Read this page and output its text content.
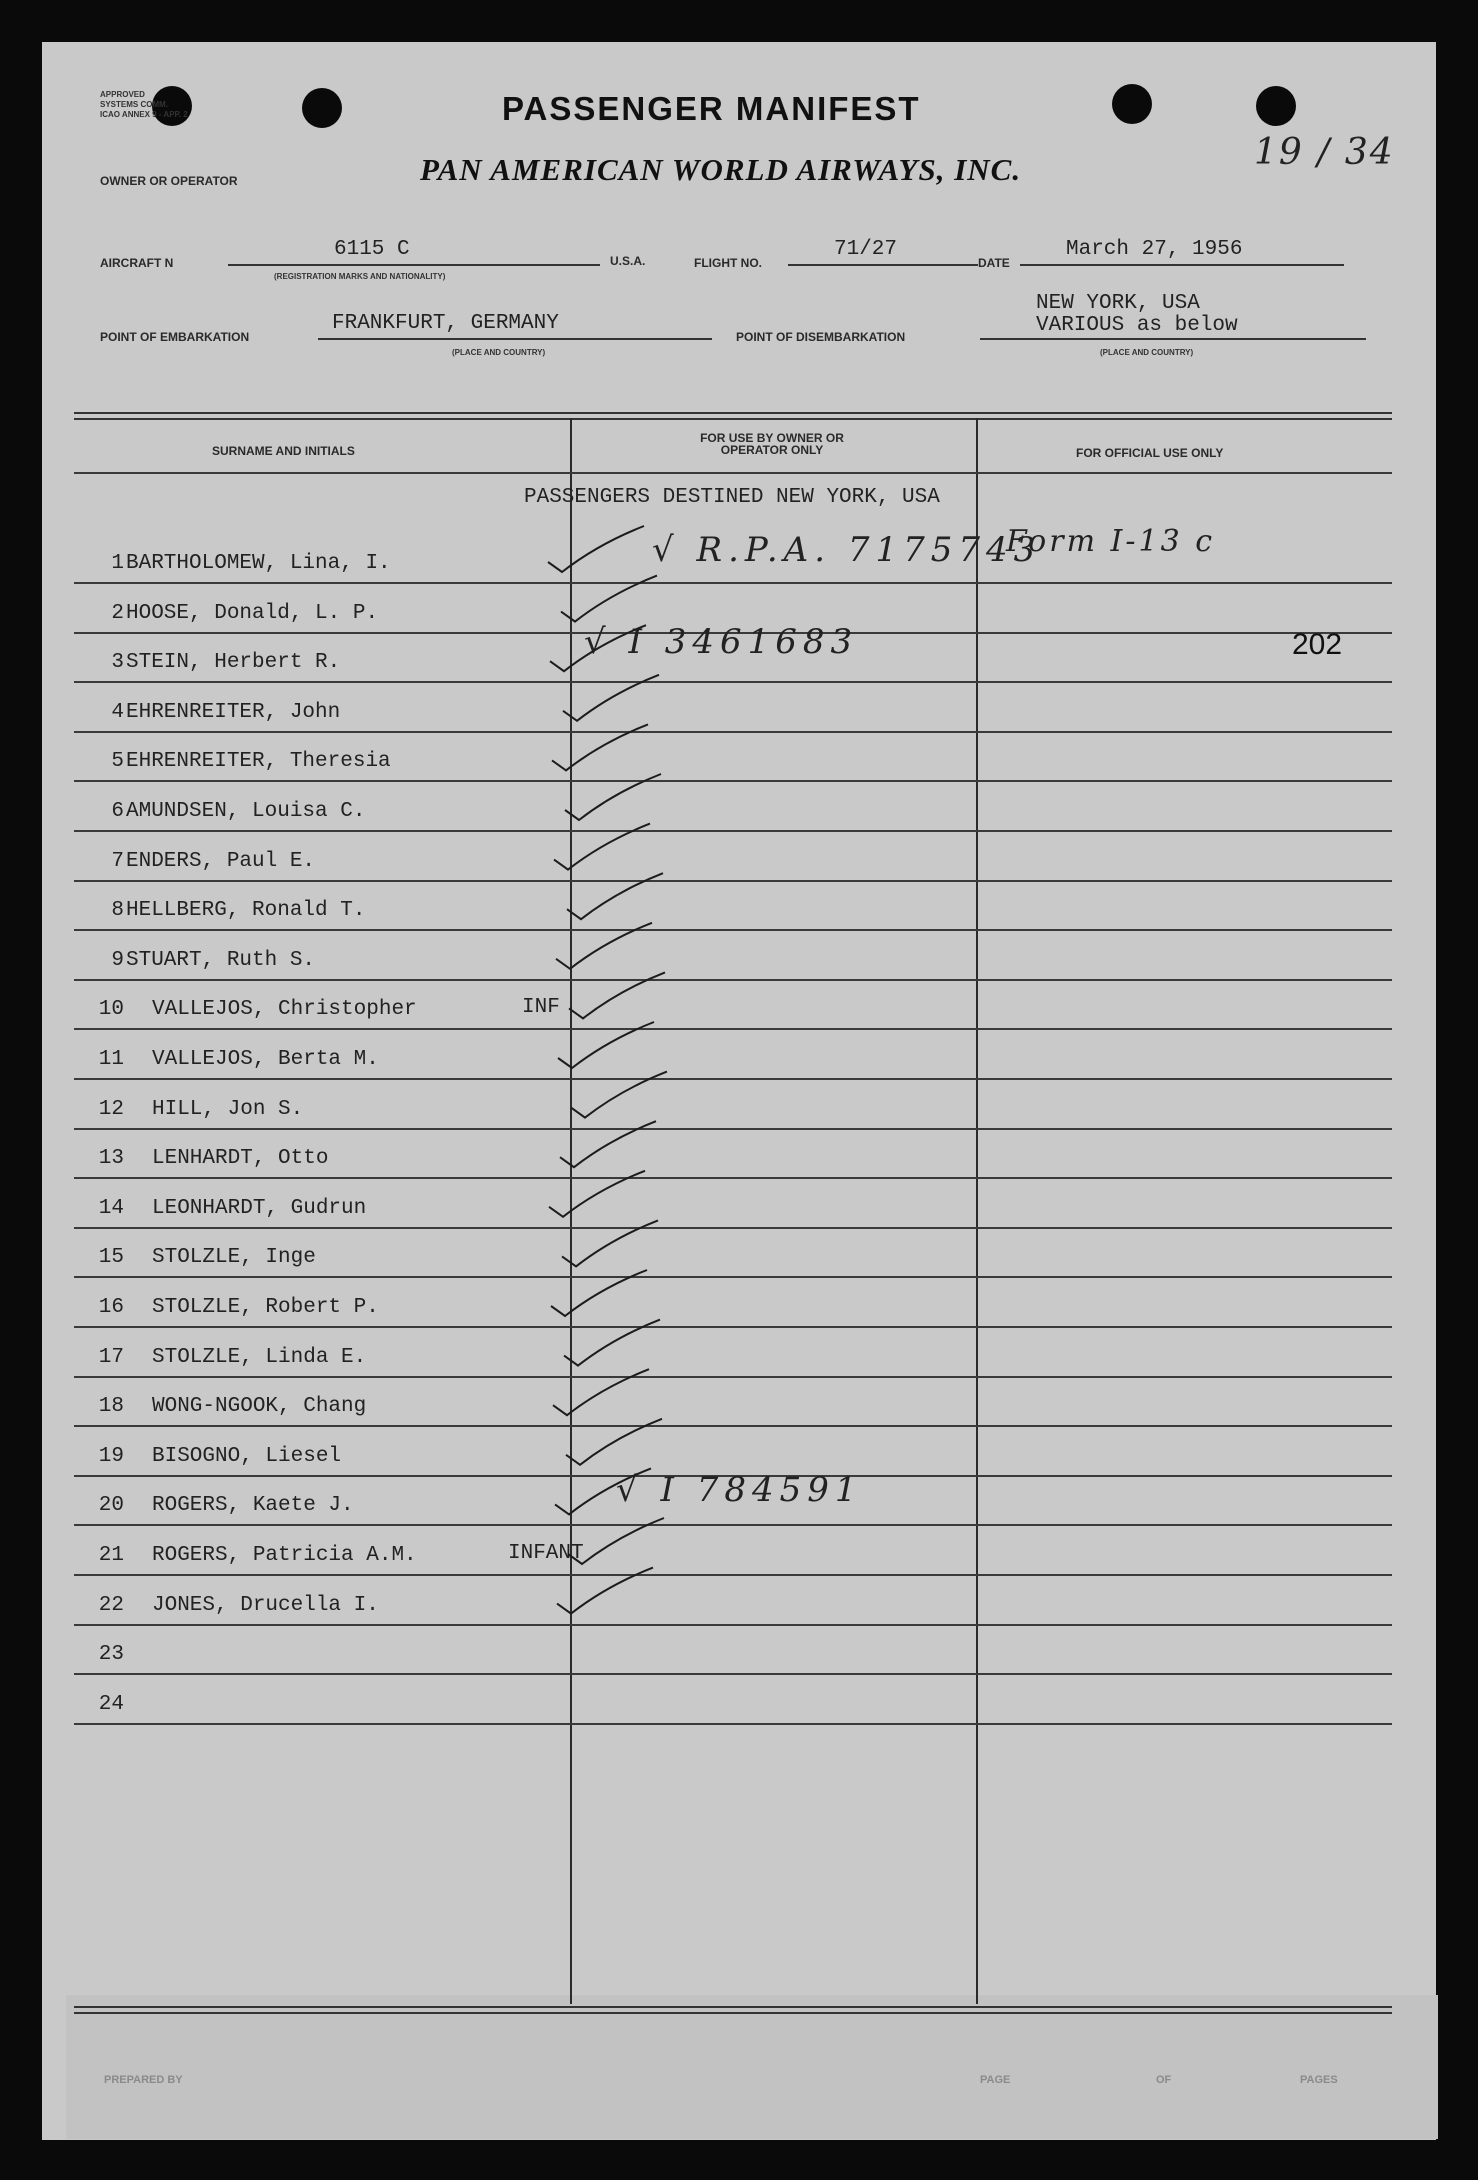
APPROVED
SYSTEMS COMM.
ICAO ANNEX 9 - APP. 2	PASSENGER MANIFEST
OWNER OR OPERATOR	PAN AMERICAN WORLD AIRWAYS, INC.	19 / 34
AIRCRAFT N
6115 C
(REGISTRATION MARKS AND NATIONALITY)
U.S.A.	FLIGHT NO.
71/27
DATE
March 27, 1956
POINT OF EMBARKATION
FRANKFURT, GERMANY
(PLACE AND COUNTRY)
POINT OF DISEMBARKATION
NEW YORK, USA
VARIOUS as below
(PLACE AND COUNTRY)
SURNAME AND INITIALS
FOR USE BY OWNER OR OPERATOR ONLY	FOR OFFICIAL USE ONLY
PASSENGERS DESTINED NEW YORK, USA
1 BARTHOLOMEW, Lina, I.
2 HOOSE, Donald, L. P.
3 STEIN, Herbert R.
4 EHRENREITER, John
5 EHRENREITER, Theresia
6 AMUNDSEN, Louisa C.
7 ENDERS, Paul E.
8 HELLBERG, Ronald T.
9 STUART, Ruth S.
10 VALLEJOS, Christopher	INF
11 VALLEJOS, Berta M.
12 HILL, Jon S.
13 LENHARDT, Otto
14 LEONHARDT, Gudrun
15 STOLZLE, Inge
16 STOLZLE, Robert P.
17 STOLZLE, Linda E.
18 WONG-NGOOK, Chang
19 BISOGNO, Liesel
20 ROGERS, Kaete J.
21 ROGERS, Patricia A.M.	INFANT
22 JONES, Drucella I.
23
24
√ R.P.A. 7175743
Form I-13 c
√ I 3461683	202
√ I 784591
PREPARED BY	PAGE	OF	PAGES
